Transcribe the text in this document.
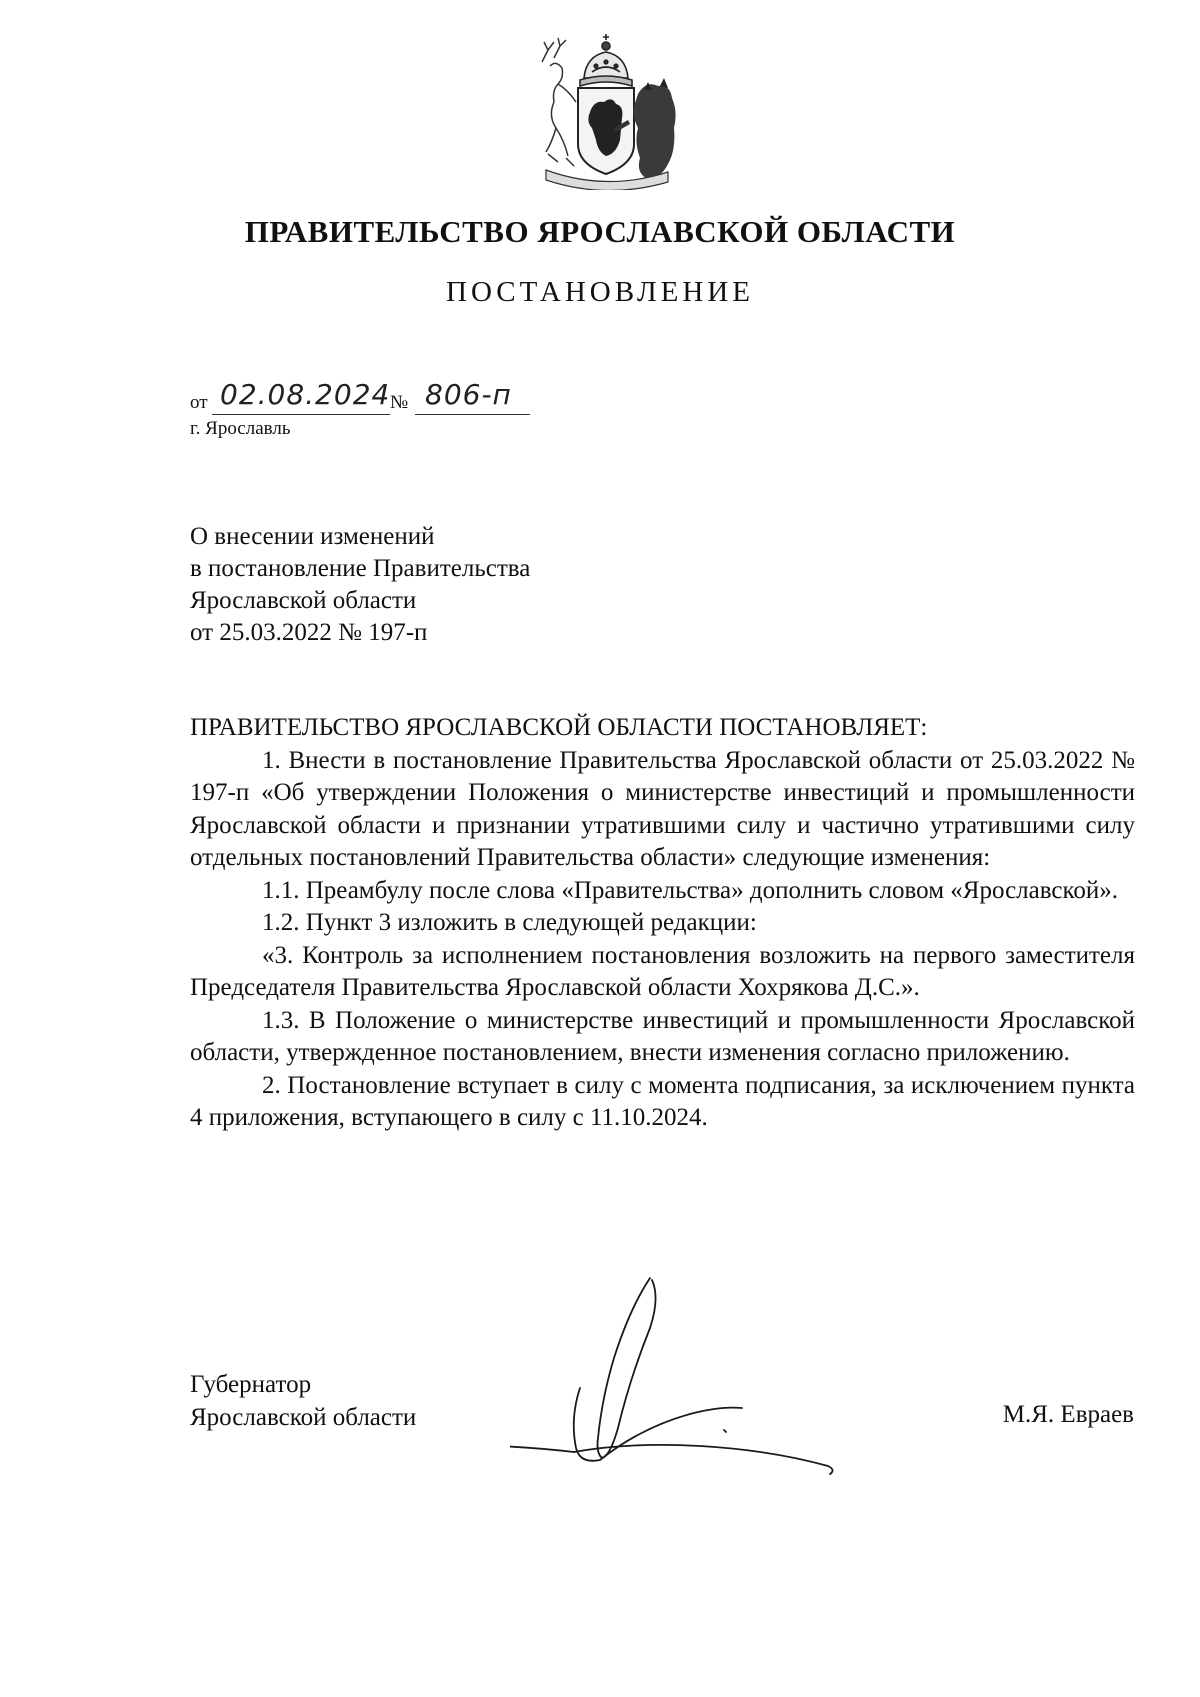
ПРАВИТЕЛЬСТВО ЯРОСЛАВСКОЙ ОБЛАСТИ
ПОСТАНОВЛЕНИЕ
от 02.08.2024 № 806-п
г. Ярославль
О внесении изменений
в постановление Правительства
Ярославской области
от 25.03.2022 № 197-п

ПРАВИТЕЛЬСТВО ЯРОСЛАВСКОЙ ОБЛАСТИ ПОСТАНОВЛЯЕТ:

1. Внести в постановление Правительства Ярославской области от 25.03.2022 № 197-п «Об утверждении Положения о министерстве инвестиций и промышленности Ярославской области и признании утратившими силу и частично утратившими силу отдельных постановлений Правительства области» следующие изменения:

1.1. Преамбулу после слова «Правительства» дополнить словом «Ярославской».

1.2. Пункт 3 изложить в следующей редакции:

«3. Контроль за исполнением постановления возложить на первого заместителя Председателя Правительства Ярославской области Хохрякова Д.С.».

1.3. В Положение о министерстве инвестиций и промышленности Ярославской области, утвержденное постановлением, внести изменения согласно приложению.

2. Постановление вступает в силу с момента подписания, за исключением пункта 4 приложения, вступающего в силу с 11.10.2024.

Губернатор
Ярославской области	М.Я. Евраев
